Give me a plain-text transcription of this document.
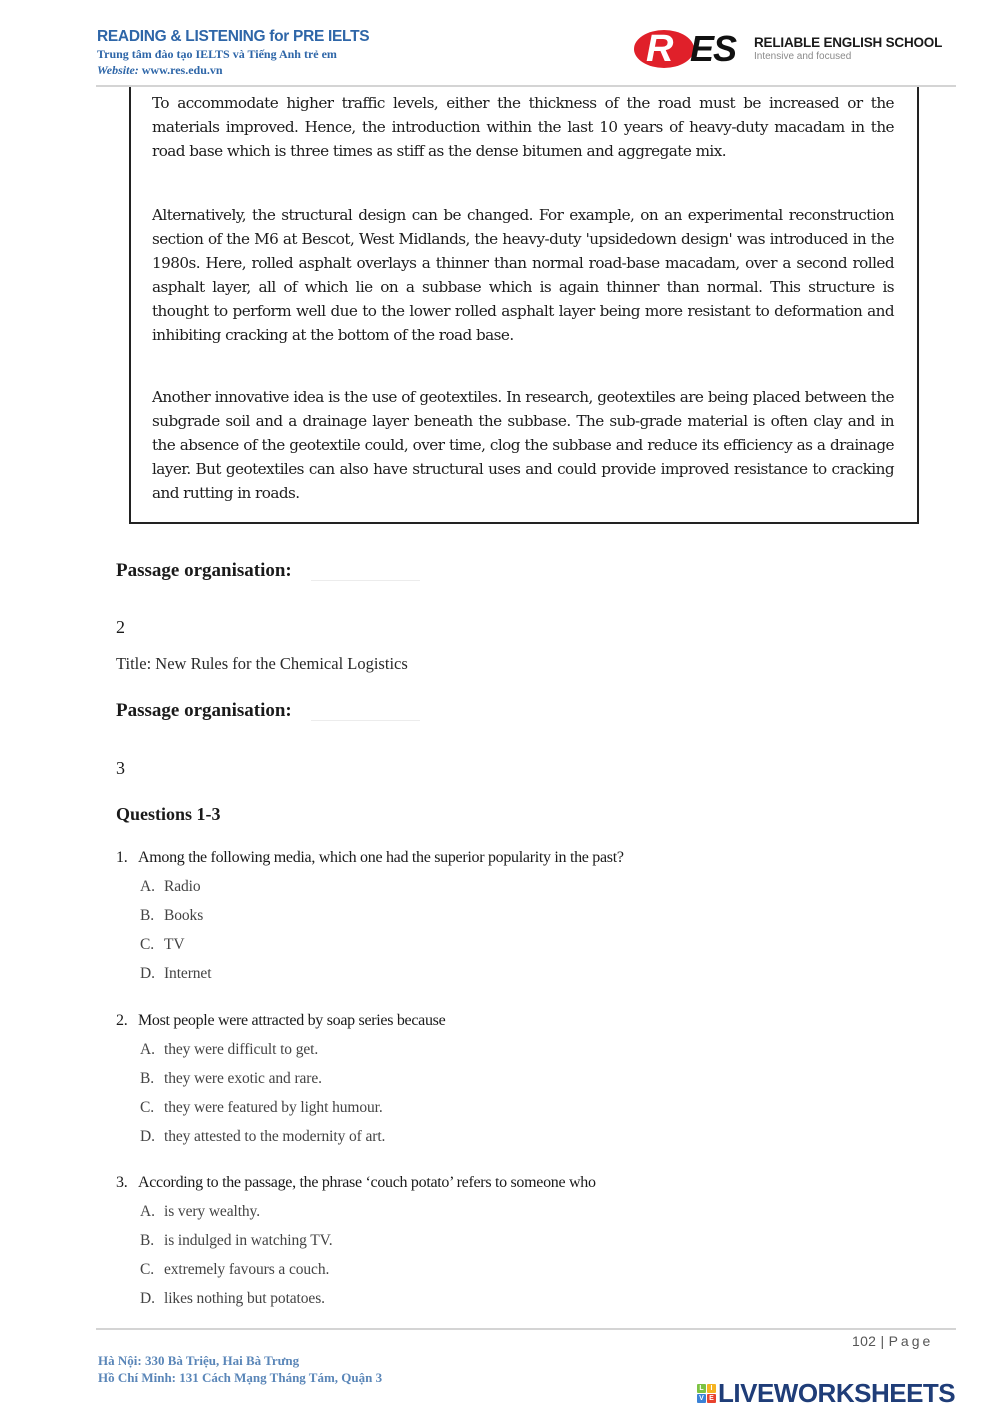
READING & LISTENING for PRE IELTS
Trung tâm đào tạo IELTS và Tiếng Anh trẻ em
Website: www.res.edu.vn	R ES RELIABLE ENGLISH SCHOOL
Intensive and focused

To accommodate higher traffic levels, either the thickness of the road must be increased or the materials improved. Hence, the introduction within the last 10 years of heavy-duty macadam in the road base which is three times as stiff as the dense bitumen and aggregate mix.

Alternatively, the structural design can be changed. For example, on an experimental reconstruction section of the M6 at Bescot, West Midlands, the heavy-duty 'upsidedown design' was introduced in the 1980s. Here, rolled asphalt overlays a thinner than normal road-base macadam, over a second rolled asphalt layer, all of which lie on a subbase which is again thinner than normal. This structure is thought to perform well due to the lower rolled asphalt layer being more resistant to deformation and inhibiting cracking at the bottom of the road base.

Another innovative idea is the use of geotextiles. In research, geotextiles are being placed between the subgrade soil and a drainage layer beneath the subbase. The sub-grade material is often clay and in the absence of the geotextile could, over time, clog the subbase and reduce its efficiency as a drainage layer. But geotextiles can also have structural uses and could provide improved resistance to cracking and rutting in roads.

Passage organisation:
2
Title: New Rules for the Chemical Logistics
Passage organisation:
3
Questions 1-3
1. Among the following media, which one had the superior popularity in the past?
A. Radio
B. Books
C. TV
D. Internet
2. Most people were attracted by soap series because
A. they were difficult to get.
B. they were exotic and rare.
C. they were featured by light humour.
D. they attested to the modernity of art.
3. According to the passage, the phrase ‘couch potato’ refers to someone who
A. is very wealthy.
B. is indulged in watching TV.
C. extremely favours a couch.
D. likes nothing but potatoes.
102 | Page
Hà Nội: 330 Bà Triệu, Hai Bà Trưng
Hồ Chí Minh: 131 Cách Mạng Tháng Tám, Quận 3
L I
V E LIVEWORKSHEETS
